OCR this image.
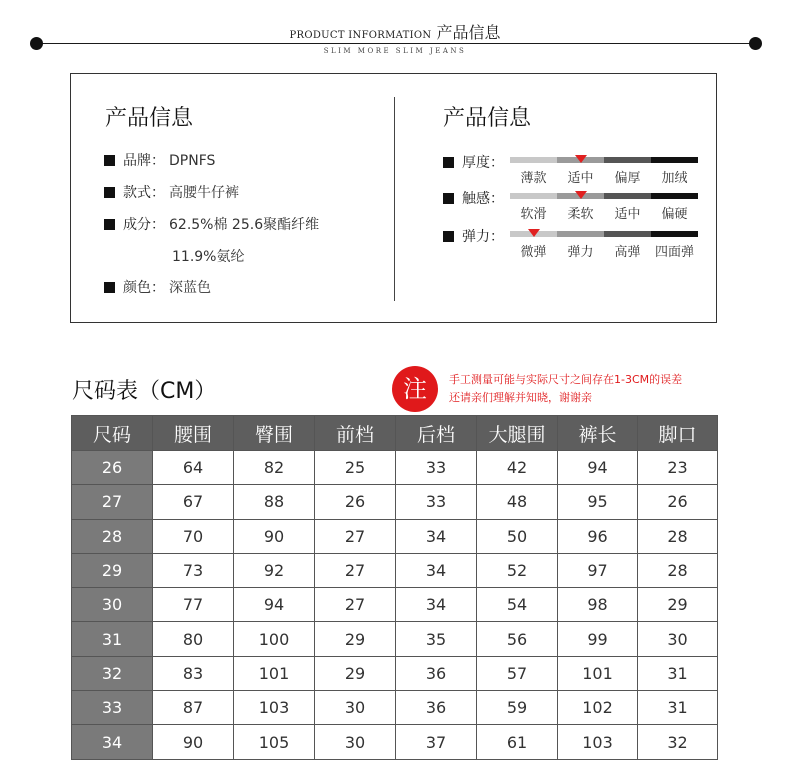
PRODUCT INFORMATION 产品信息
SLIM MORE SLIM JEANS
产品信息
品牌： DPNFS
款式： 高腰牛仔裤
成分： 62.5%棉 25.6聚酯纤维
11.9%氨纶
颜色： 深蓝色
产品信息
厚度：
薄款	适中	偏厚	加绒
触感：
软滑	柔软	适中	偏硬
弹力：
微弹	弹力	高弹	四面弹
尺码表（CM）	注	手工测量可能与实际尺寸之间存在1-3CM的误差
还请亲们理解并知晓，谢谢亲
尺码	腰围	臀围	前档	后档	大腿围	裤长	脚口
26	64	82	25	33	42	94	23
27	67	88	26	33	48	95	26
28	70	90	27	34	50	96	28
29	73	92	27	34	52	97	28
30	77	94	27	34	54	98	29
31	80	100	29	35	56	99	30
32	83	101	29	36	57	101	31
33	87	103	30	36	59	102	31
34	90	105	30	37	61	103	32
